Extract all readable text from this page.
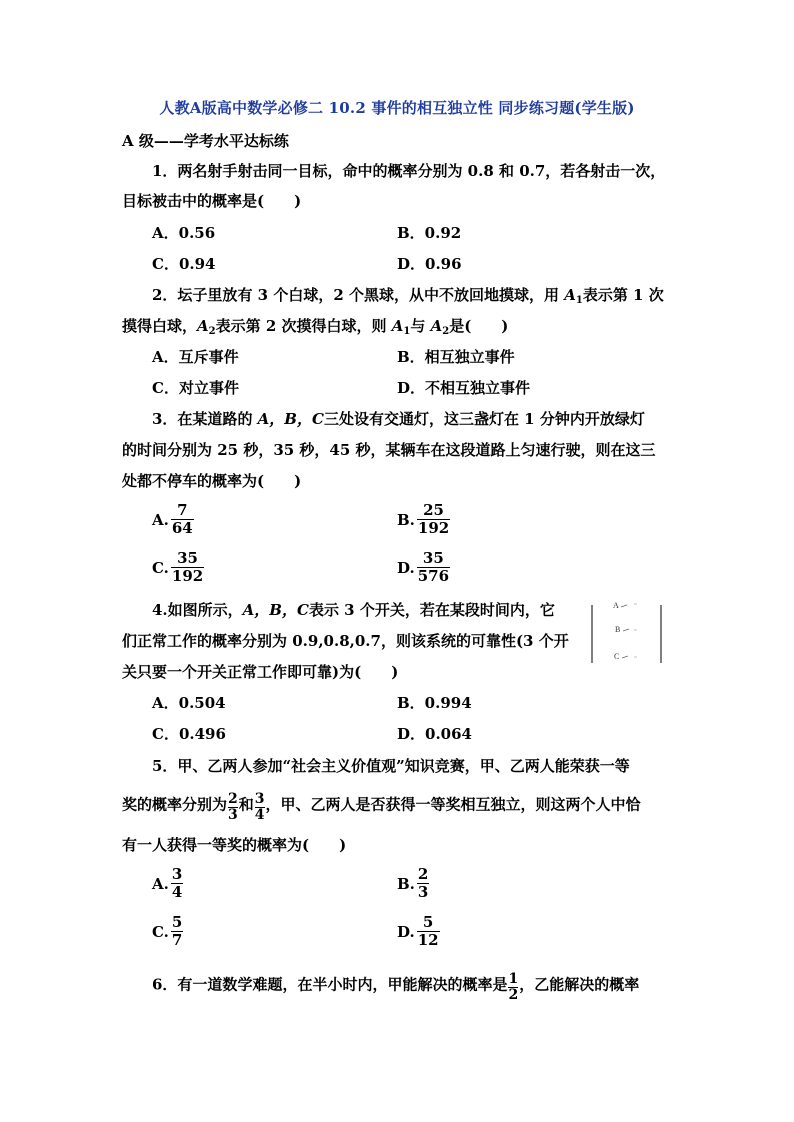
人教A版高中数学必修二 10.2 事件的相互独立性 同步练习题(学生版)
A 级——学考水平达标练
1．两名射手射击同一目标，命中的概率分别为 0.8 和 0.7，若各射击一次，
目标被击中的概率是(　　)
A．0.56	B．0.92
C．0.94	D．0.96
2．坛子里放有 3 个白球，2 个黑球，从中不放回地摸球，用 $A_1$表示第 1 次
摸得白球，$A_2$表示第 2 次摸得白球，则 $A_1$与 $A_2$是(　　)
A．互斥事件	B．相互独立事件
C．对立事件	D．不相互独立事件
3．在某道路的 A，B，C三处设有交通灯，这三盏灯在 1 分钟内开放绿灯
的时间分别为 25 秒，35 秒，45 秒，某辆车在这段道路上匀速行驶，则在这三
处都不停车的概率为(　　)
A. $\frac{7}{64}$	B. $\frac{25}{192}$
C. $\frac{35}{192}$	D. $\frac{35}{576}$
4.如图所示，A，B，C表示 3 个开关，若在某段时间内，它
们正常工作的概率分别为 0.9,0.8,0.7，则该系统的可靠性(3 个开
关只要一个开关正常工作即可靠)为(　　)
A
B
C
A．0.504	B．0.994
C．0.496	D．0.064
5．甲、乙两人参加“社会主义价值观”知识竞赛，甲、乙两人能荣获一等
奖的概率分别为 $\frac{2}{3}$ 和 $\frac{3}{4}$ ，甲、乙两人是否获得一等奖相互独立，则这两个人中恰
有一人获得一等奖的概率为(　　)
A. $\frac{3}{4}$	B. $\frac{2}{3}$
C. $\frac{5}{7}$	D. $\frac{5}{12}$
6．有一道数学难题，在半小时内，甲能解决的概率是 $\frac{1}{2}$ ，乙能解决的概率
